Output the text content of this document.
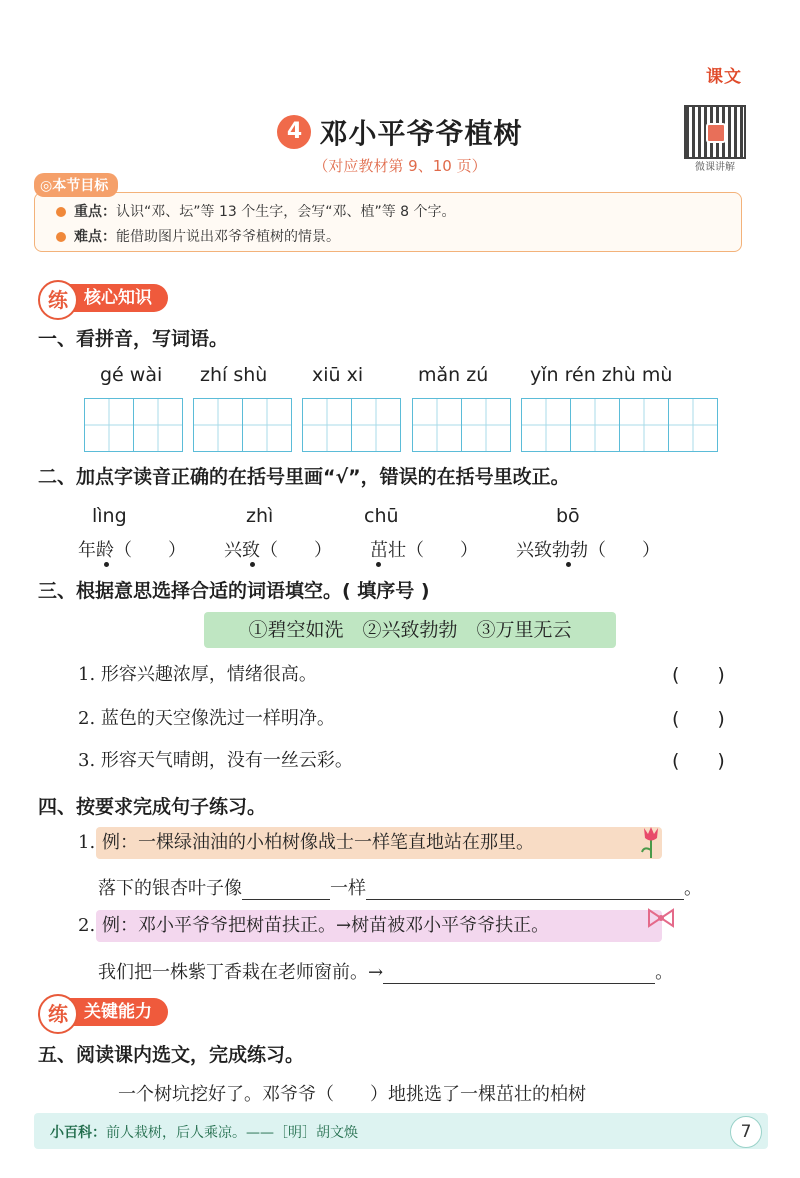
课文
微课讲解
4 邓小平爷爷植树
（对应教材第 9、10 页）
◎本节目标
重点：认识“邓、坛”等 13 个生字，会写“邓、植”等 8 个字。
难点：能借助图片说出邓爷爷植树的情景。
核心知识
练
一、看拼音，写词语。
gé wài zhí shù xiū xi	mǎn zú yǐn rén zhù mù
二、加点字读音正确的在括号里画“√”，错误的在括号里改正。
lìng	zhì	chū	bō
年龄（　　） 兴致（　　） 茁壮（　　） 兴致勃勃（　　）
三、根据意思选择合适的词语填空。( 填序号 )
①碧空如洗　②兴致勃勃　③万里无云
1. 形容兴趣浓厚，情绪很高。	(　　)
2. 蓝色的天空像洗过一样明净。	(　　)
3. 形容天气晴朗，没有一丝云彩。	(　　)
四、按要求完成句子练习。
1. 例：一棵绿油油的小柏树像战士一样笔直地站在那里。
落下的银杏叶子像	一样	。
2. 例：邓小平爷爷把树苗扶正。→树苗被邓小平爷爷扶正。
我们把一株紫丁香栽在老师窗前。→	。
关键能力
练
五、阅读课内选文，完成练习。
一个树坑挖好了。邓爷爷（　　）地挑选了一棵茁壮的柏树
小百科：前人栽树，后人乘凉。——［明］胡文焕	7
